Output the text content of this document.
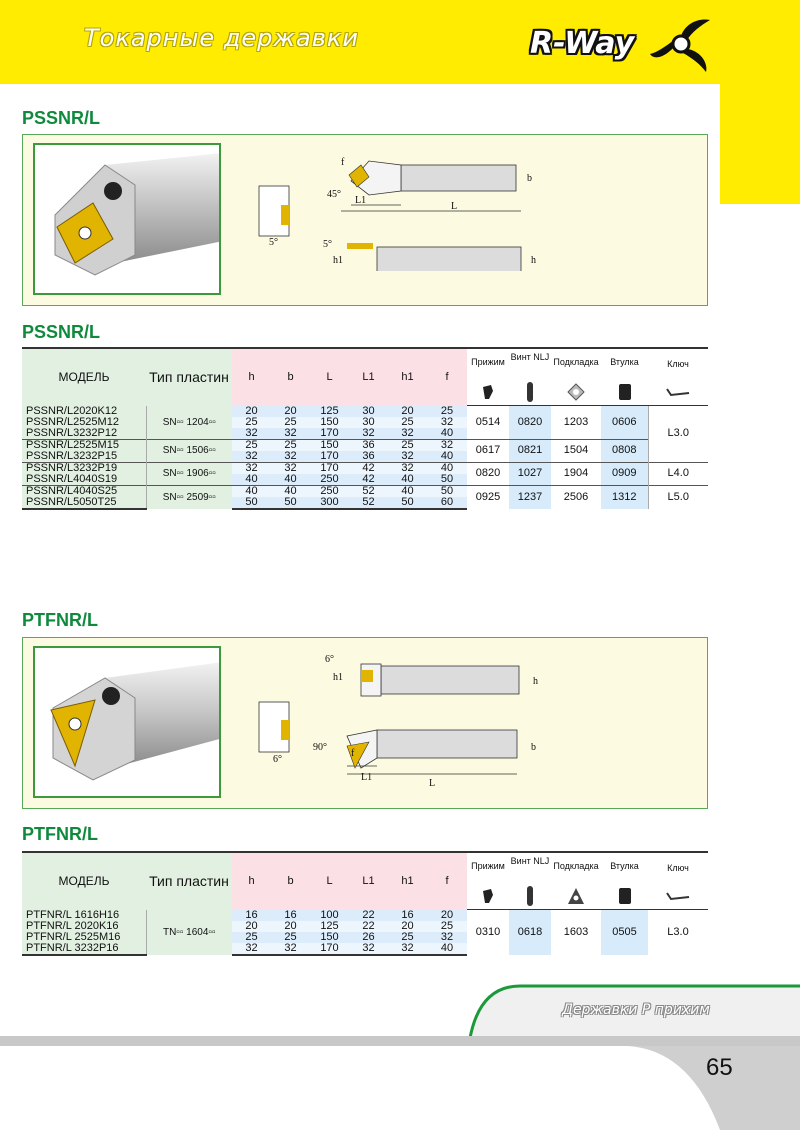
Токарные державки	R-Way
PSSNR/L
f
b
45°
L1
L
5°	5°
h1	h
PSSNR/L
МОДЕЛЬ	Тип пластин	h	b	L	L1	h1	f	Прижим	Винт NLJ	Подкладка	Втулка	Ключ

PSSNR/L2020K12	SN▫▫ 1204▫▫	20	20	125	30	20	25	0514	0820	1203	0606	L3.0
PSSNR/L2525M12		25	25	150	30	25	32					
PSSNR/L3232P12		32	32	170	32	32	40					
PSSNR/L2525M15	SN▫▫ 1506▫▫	25	25	150	36	25	32	0617	0821	1504	0808	
PSSNR/L3232P15		32	32	170	36	32	40					
PSSNR/L3232P19	SN▫▫ 1906▫▫	32	32	170	42	32	40	0820	1027	1904	0909	L4.0
PSSNR/L4040S19		40	40	250	42	40	50					
PSSNR/L4040S25	SN▫▫ 2509▫▫	40	40	250	52	40	50	0925	1237	2506	1312	L5.0
PSSNR/L5050T25		50	50	300	52	50	60					
PTFNR/L
6°
h1	h
90°
f
b
L1
L
6°
PTFNR/L
МОДЕЛЬ	Тип пластин	h	b	L	L1	h1	f	Прижим	Винт NLJ	Подкладка	Втулка	Ключ

PTFNR/L 1616H16	TN▫▫ 1604▫▫	16	16	100	22	16	20	0310	0618	1603	0505	L3.0
PTFNR/L 2020K16		20	20	125	22	20	25					
PTFNR/L 2525M16		25	25	150	26	25	32					
PTFNR/L 3232P16		32	32	170	32	32	40					
Державки P прихим
65
